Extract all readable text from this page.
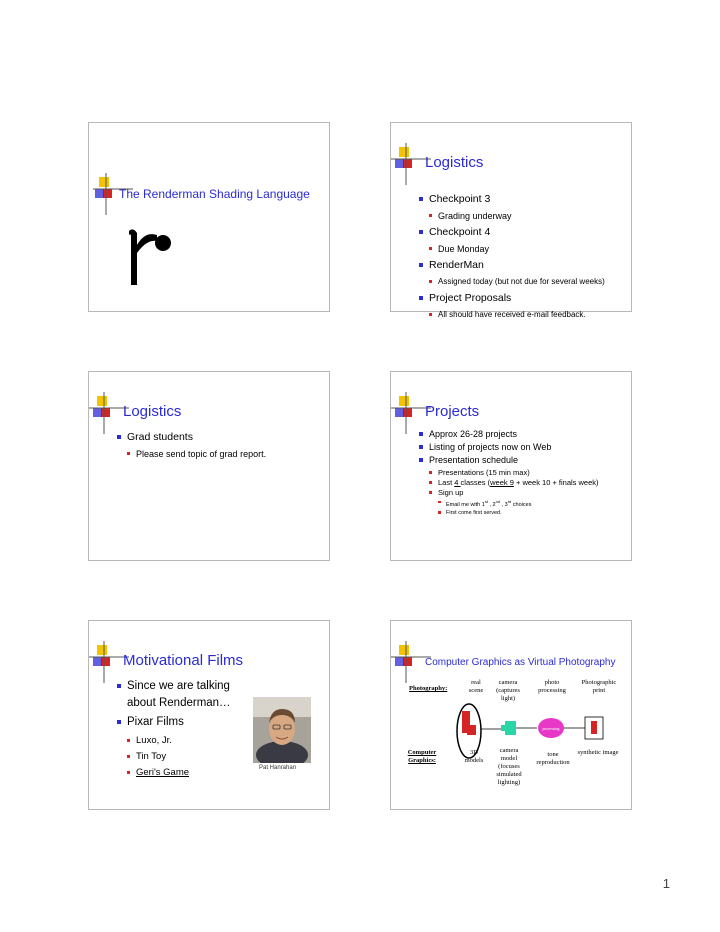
The Renderman Shading Language
Logistics
Checkpoint 3
Grading underway
Checkpoint 4
Due Monday
RenderMan
Assigned today (but not due for several weeks)
Project Proposals
All should have received e-mail feedback.
Logistics
Grad students
Please send topic of grad report.
Projects
Approx 26-28 projects
Listing of projects now on Web
Presentation schedule
Presentations (15 min max)
Last 4 classes (week 9 + week 10 + finals week)
Sign up
Email me with 1st , 2nd , 3rd choices
First come first served.
Motivational Films
Since we are talking about Renderman…
Pixar Films
Luxo, Jr.
Tin Toy
Geri's Game	Pat Hanrahan
Computer Graphics as Virtual Photography
Photography:
real scene
camera (captures light)
photo processing
Photographic print
processing
Computer Graphics:
3D models
camera model (focuses simulated lighting)
tone reproduction
synthetic image
1
